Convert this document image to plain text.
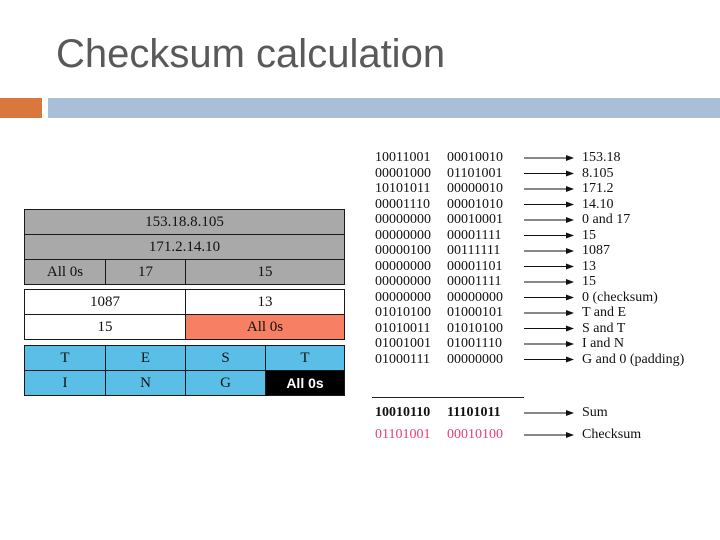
Checksum calculation
153.18.8.105
171.2.14.10
All 0s	17	15
1087	13
15	All 0s
T	E	S	T
I	N	G	All 0s
10011001 00010010	153.18
00001000 01101001	8.105
10101011 00000010	171.2
00001110 00001010	14.10
00000000 00010001	0 and 17
00000000 00001111	15
00000100 00111111	1087
00000000 00001101	13
00000000 00001111	15
00000000 00000000	0 (checksum)
01010100 01000101	T and E
01010011 01010100	S and T
01001001 01001110	I and N
01000111 00000000	G and 0 (padding)
10010110 11101011	Sum
01101001 00010100	Checksum
